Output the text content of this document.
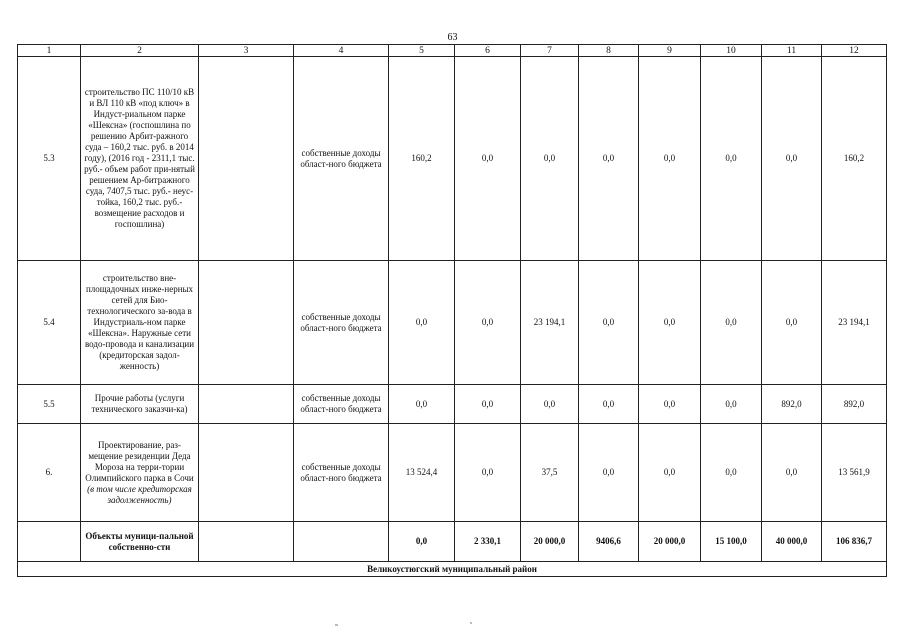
63
1	2	3	4	5	6	7	8	9	10	11	12
5.3	строительство ПС 110/10 кВ и ВЛ 110 кВ «под ключ» в Индуст-риальном парке «Шексна» (госпошлина по решению Арбит-ражного суда – 160,2 тыс. руб. в 2014 году), (2016 год - 2311,1 тыс. руб.- объем работ при-нятый решением Ар-битражного суда, 7407,5 тыс. руб.- неус-тойка, 160,2 тыс. руб.-возмещение расходов и госпошлина)		собственные доходы област-ного бюджета	160,2	0,0	0,0	0,0	0,0	0,0	0,0	160,2
5.4	строительство вне-площадочных инже-нерных сетей для Био-технологического за-вода в Индустриаль-ном парке «Шексна». Наружные сети водо-провода и канализации (кредиторская задол-женность)		собственные доходы област-ного бюджета	0,0	0,0	23 194,1	0,0	0,0	0,0	0,0	23 194,1
5.5	Прочие работы (услуги технического заказчи-ка)		собственные доходы област-ного бюджета	0,0	0,0	0,0	0,0	0,0	0,0	892,0	892,0
6.	Проектирование, раз-мещение резиденции Деда Мороза на терри-тории Олимпийского парка в Сочи (в том числе кредиторская задолженность)		собственные доходы област-ного бюджета	13 524,4	0,0	37,5	0,0	0,0	0,0	0,0	13 561,9
	Объекты муници-пальной собственно-сти			0,0	2 330,1	20 000,0	9406,6	20 000,0	15 100,0	40 000,0	106 836,7
Великоустюгский муниципальный район											
